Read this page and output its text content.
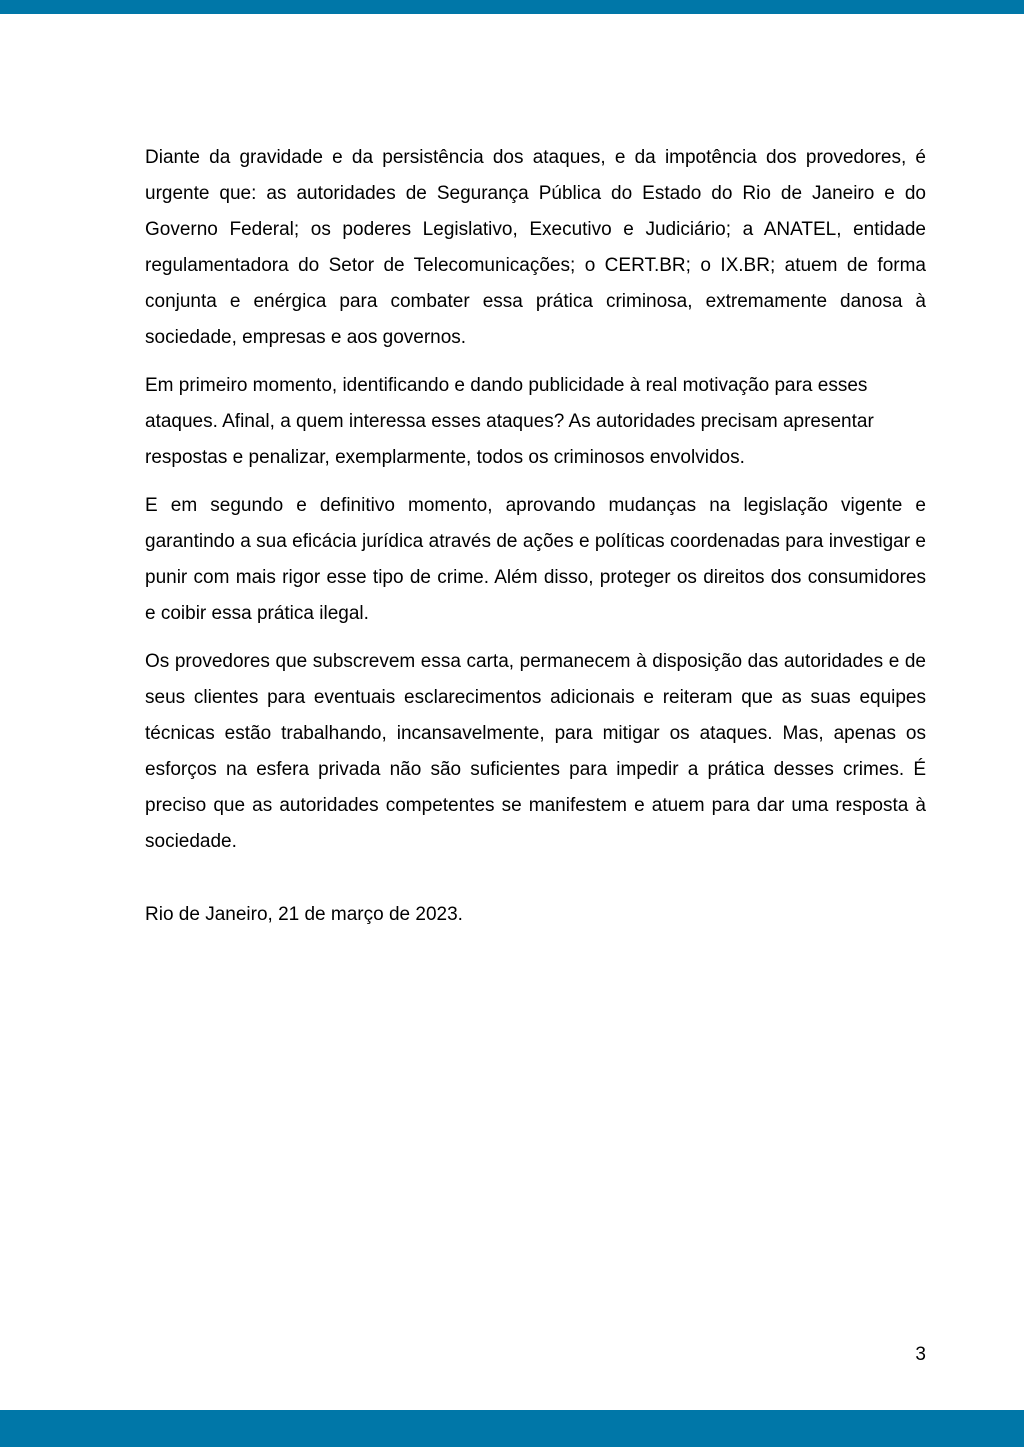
Diante da gravidade e da persistência dos ataques, e da impotência dos provedores, é urgente que: as autoridades de Segurança Pública do Estado do Rio de Janeiro e do Governo Federal; os poderes Legislativo, Executivo e Judiciário; a ANATEL, entidade regulamentadora do Setor de Telecomunicações; o CERT.BR; o IX.BR; atuem de forma conjunta e enérgica para combater essa prática criminosa, extremamente danosa à sociedade, empresas e aos governos.

Em primeiro momento, identificando e dando publicidade à real motivação para esses ataques. Afinal, a quem interessa esses ataques? As autoridades precisam apresentar respostas e penalizar, exemplarmente, todos os criminosos envolvidos.

E em segundo e definitivo momento, aprovando mudanças na legislação vigente e garantindo a sua eficácia jurídica através de ações e políticas coordenadas para investigar e punir com mais rigor esse tipo de crime. Além disso, proteger os direitos dos consumidores e coibir essa prática ilegal.

Os provedores que subscrevem essa carta, permanecem à disposição das autoridades e de seus clientes para eventuais esclarecimentos adicionais e reiteram que as suas equipes técnicas estão trabalhando, incansavelmente, para mitigar os ataques. Mas, apenas os esforços na esfera privada não são suficientes para impedir a prática desses crimes. É preciso que as autoridades competentes se manifestem e atuem para dar uma resposta à sociedade.

Rio de Janeiro, 21 de março de 2023.

3
